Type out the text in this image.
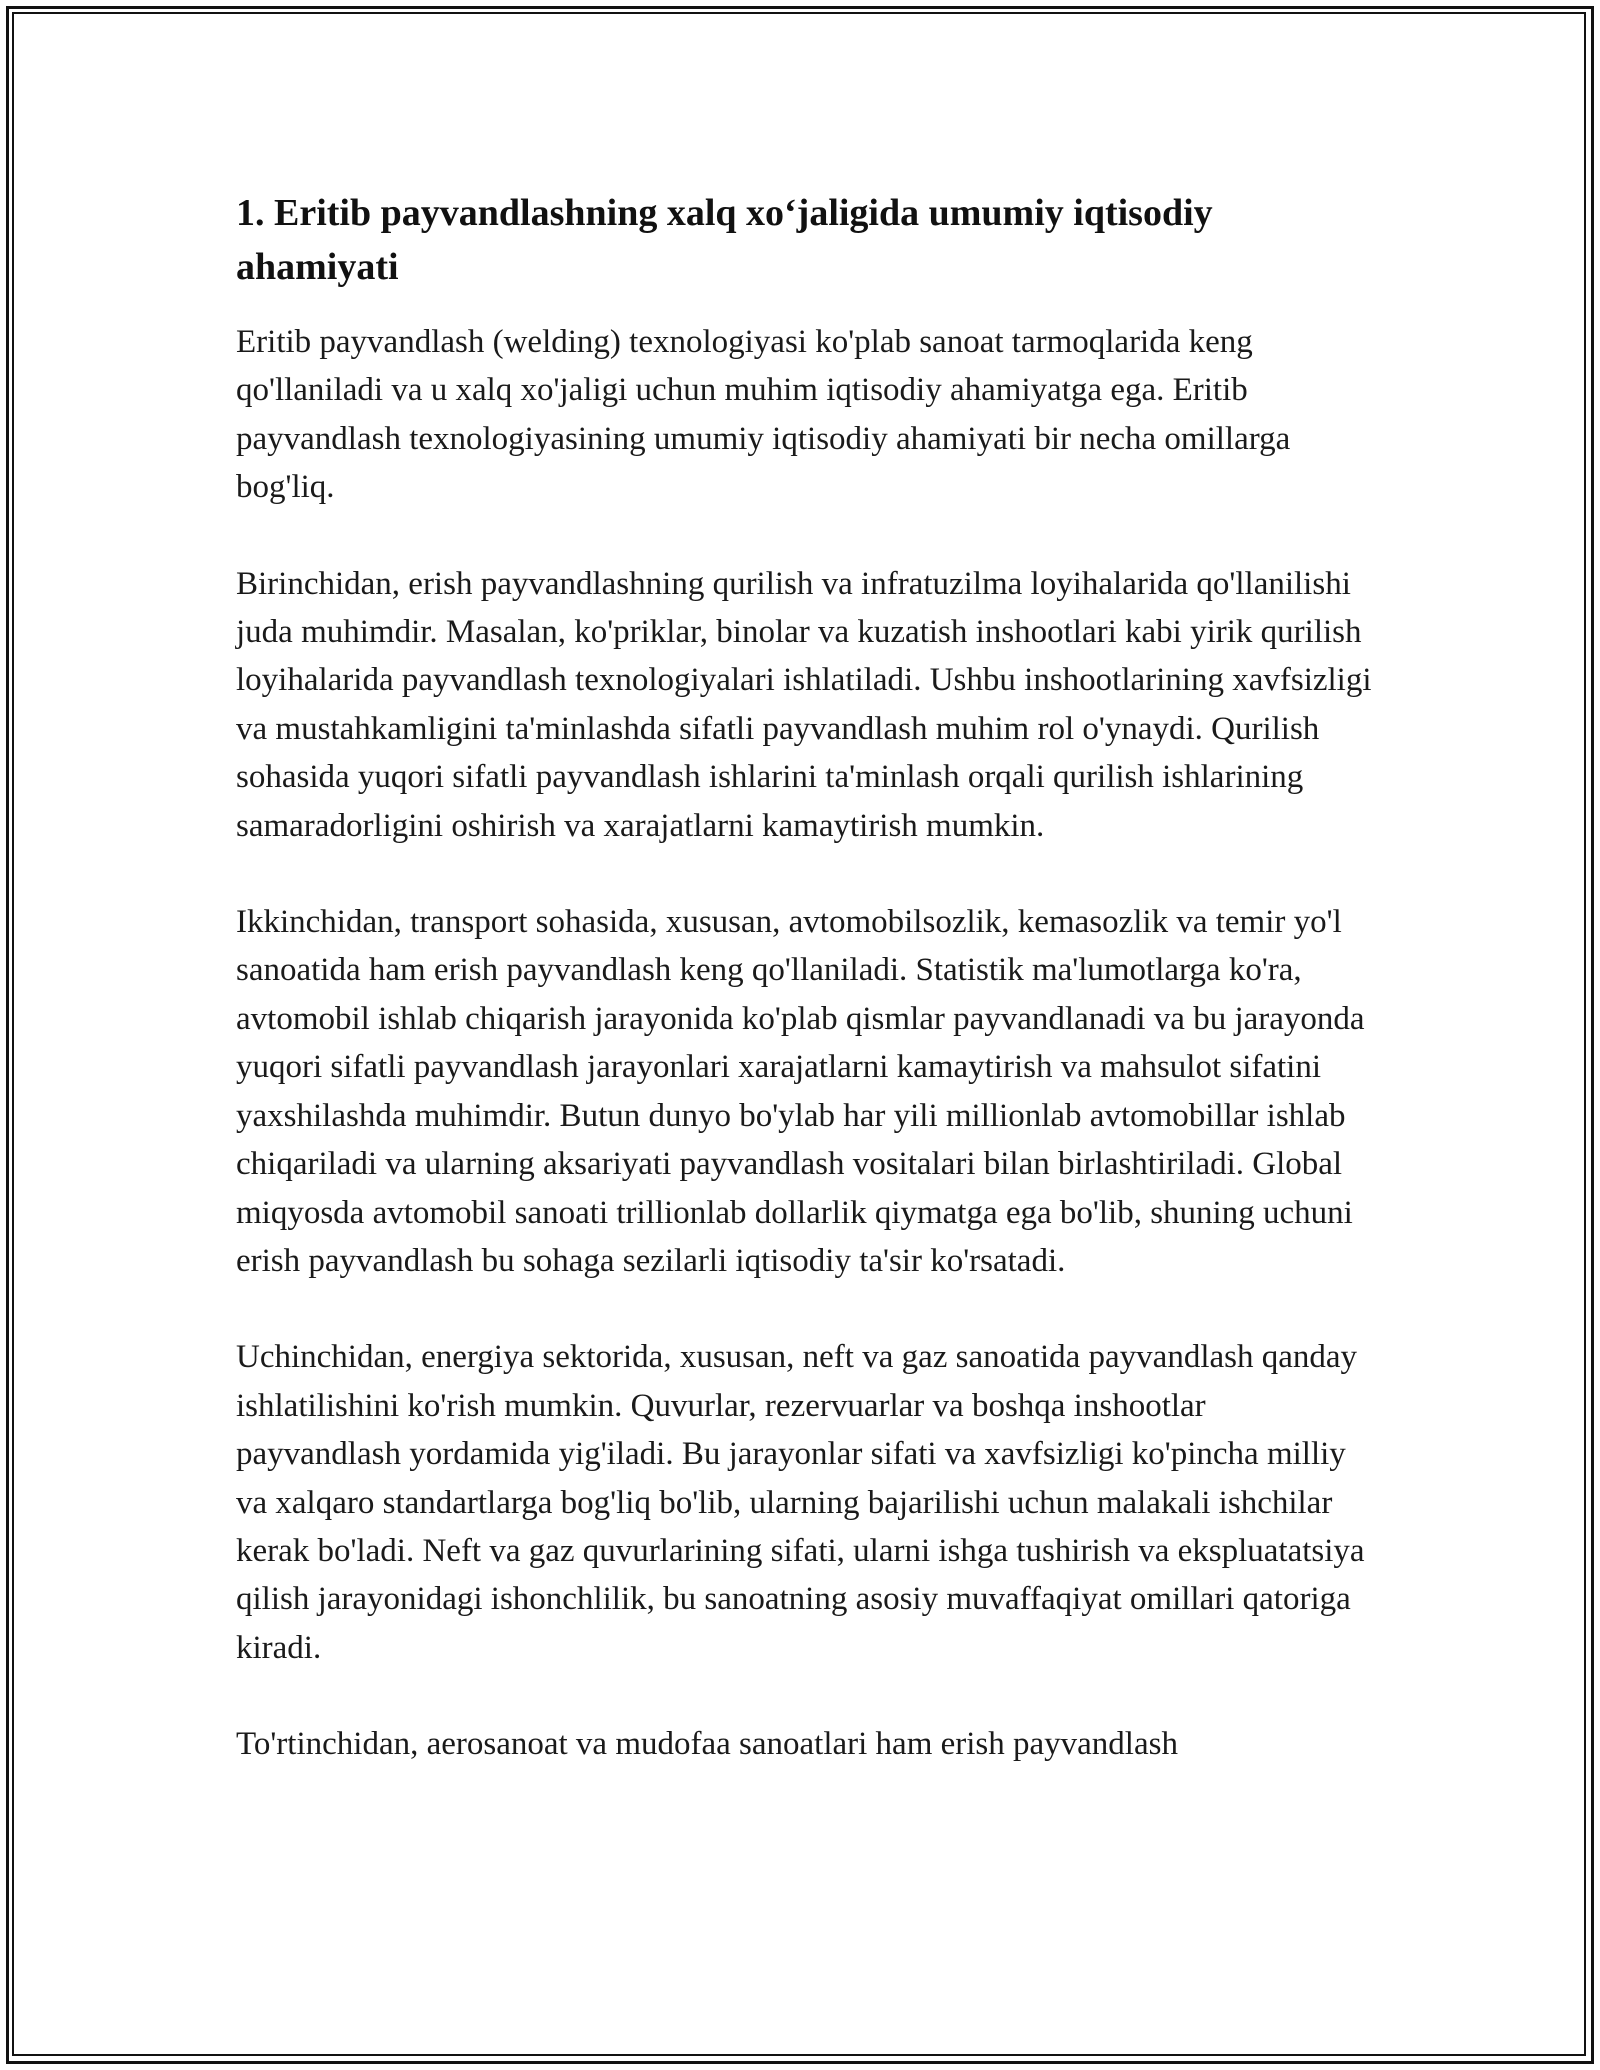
1. Eritib payvandlashning xalq xo‘jaligida umumiy iqtisodiy ahamiyati

Eritib payvandlash (welding) texnologiyasi ko'plab sanoat tarmoqlarida keng qo'llaniladi va u xalq xo'jaligi uchun muhim iqtisodiy ahamiyatga ega. Eritib payvandlash texnologiyasining umumiy iqtisodiy ahamiyati bir necha omillarga bog'liq.

Birinchidan, erish payvandlashning qurilish va infratuzilma loyihalarida qo'llanilishi juda muhimdir. Masalan, ko'priklar, binolar va kuzatish inshootlari kabi yirik qurilish loyihalarida payvandlash texnologiyalari ishlatiladi. Ushbu inshootlarining xavfsizligi va mustahkamligini ta'minlashda sifatli payvandlash muhim rol o'ynaydi. Qurilish sohasida yuqori sifatli payvandlash ishlarini ta'minlash orqali qurilish ishlarining samaradorligini oshirish va xarajatlarni kamaytirish mumkin.

Ikkinchidan, transport sohasida, xususan, avtomobilsozlik, kemasozlik va temir yo'l sanoatida ham erish payvandlash keng qo'llaniladi. Statistik ma'lumotlarga ko'ra, avtomobil ishlab chiqarish jarayonida ko'plab qismlar payvandlanadi va bu jarayonda yuqori sifatli payvandlash jarayonlari xarajatlarni kamaytirish va mahsulot sifatini yaxshilashda muhimdir. Butun dunyo bo'ylab har yili millionlab avtomobillar ishlab chiqariladi va ularning aksariyati payvandlash vositalari bilan birlashtiriladi. Global miqyosda avtomobil sanoati trillionlab dollarlik qiymatga ega bo'lib, shuning uchuni erish payvandlash bu sohaga sezilarli iqtisodiy ta'sir ko'rsatadi.

Uchinchidan, energiya sektorida, xususan, neft va gaz sanoatida payvandlash qanday ishlatilishini ko'rish mumkin. Quvurlar, rezervuarlar va boshqa inshootlar payvandlash yordamida yig'iladi. Bu jarayonlar sifati va xavfsizligi ko'pincha milliy va xalqaro standartlarga bog'liq bo'lib, ularning bajarilishi uchun malakali ishchilar kerak bo'ladi. Neft va gaz quvurlarining sifati, ularni ishga tushirish va ekspluatatsiya qilish jarayonidagi ishonchlilik, bu sanoatning asosiy muvaffaqiyat omillari qatoriga kiradi.

To'rtinchidan, aerosanoat va mudofaa sanoatlari ham erish payvandlash
